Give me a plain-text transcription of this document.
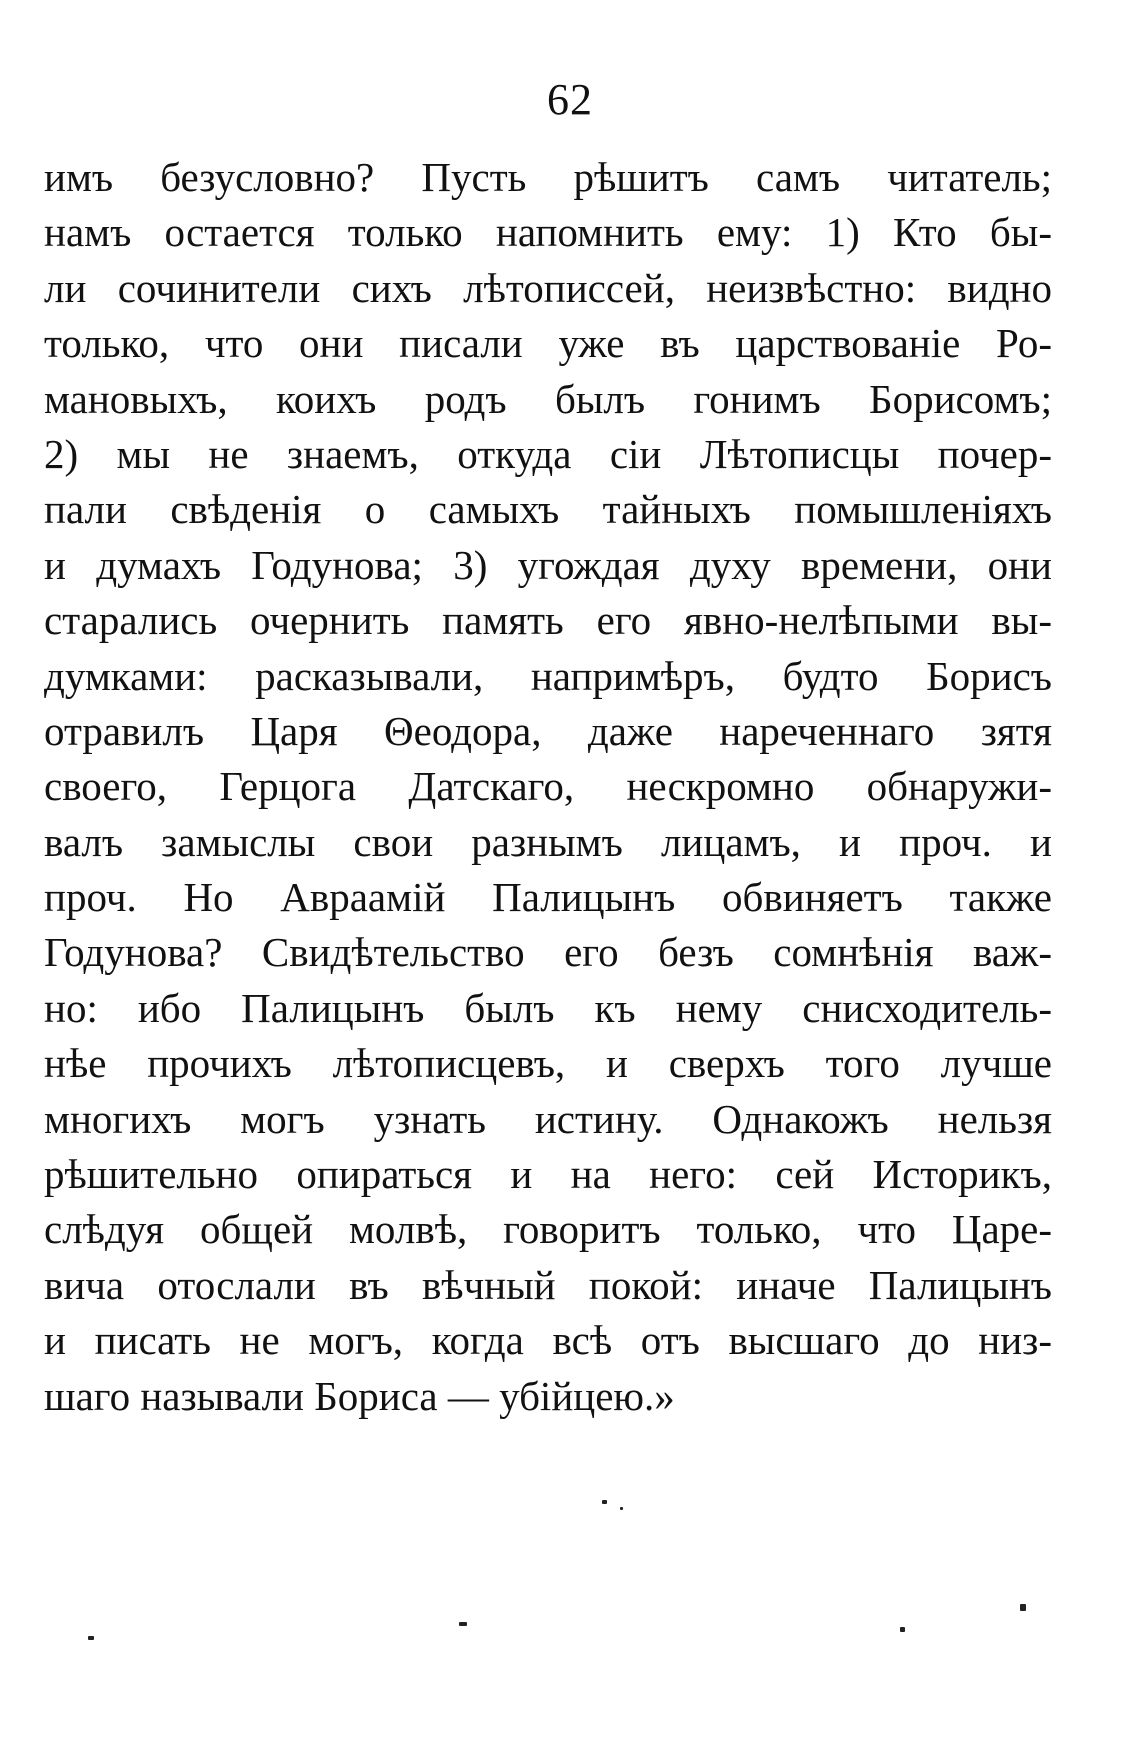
62
имъ безусловно? Пусть рѣшитъ самъ читатель;
намъ остается только напомнить ему: 1) Кто бы-
ли сочинители сихъ лѣтописсей, неизвѣстно: видно
только, что они писали уже въ царствованіе Ро-
мановыхъ, коихъ родъ былъ гонимъ Борисомъ;
2) мы не знаемъ, откуда сіи Лѣтописцы почер-
пали свѣденія о самыхъ тайныхъ помышленіяхъ
и думахъ Годунова; 3) угождая духу времени, они
старались очернить память его явно-нелѣпыми вы-
думками: расказывали, напримѣръ, будто Борисъ
отравилъ Царя Θеодора, даже нареченнаго зятя
своего, Герцога Датскаго, нескромно обнаружи-
валъ замыслы свои разнымъ лицамъ, и проч. и
проч. Но Авраамій Палицынъ обвиняетъ также
Годунова? Свидѣтельство его безъ сомнѣнія важ-
но: ибо Палицынъ былъ къ нему снисходитель-
нѣе прочихъ лѣтописцевъ, и сверхъ того лучше
многихъ могъ узнать истину. Однакожъ нельзя
рѣшительно опираться и на него: сей Историкъ,
слѣдуя общей молвѣ, говоритъ только, что Царе-
вича отослали въ вѣчный покой: иначе Палицынъ
и писать не могъ, когда всѣ отъ высшаго до низ-
шаго называли Бориса — убійцею.»
